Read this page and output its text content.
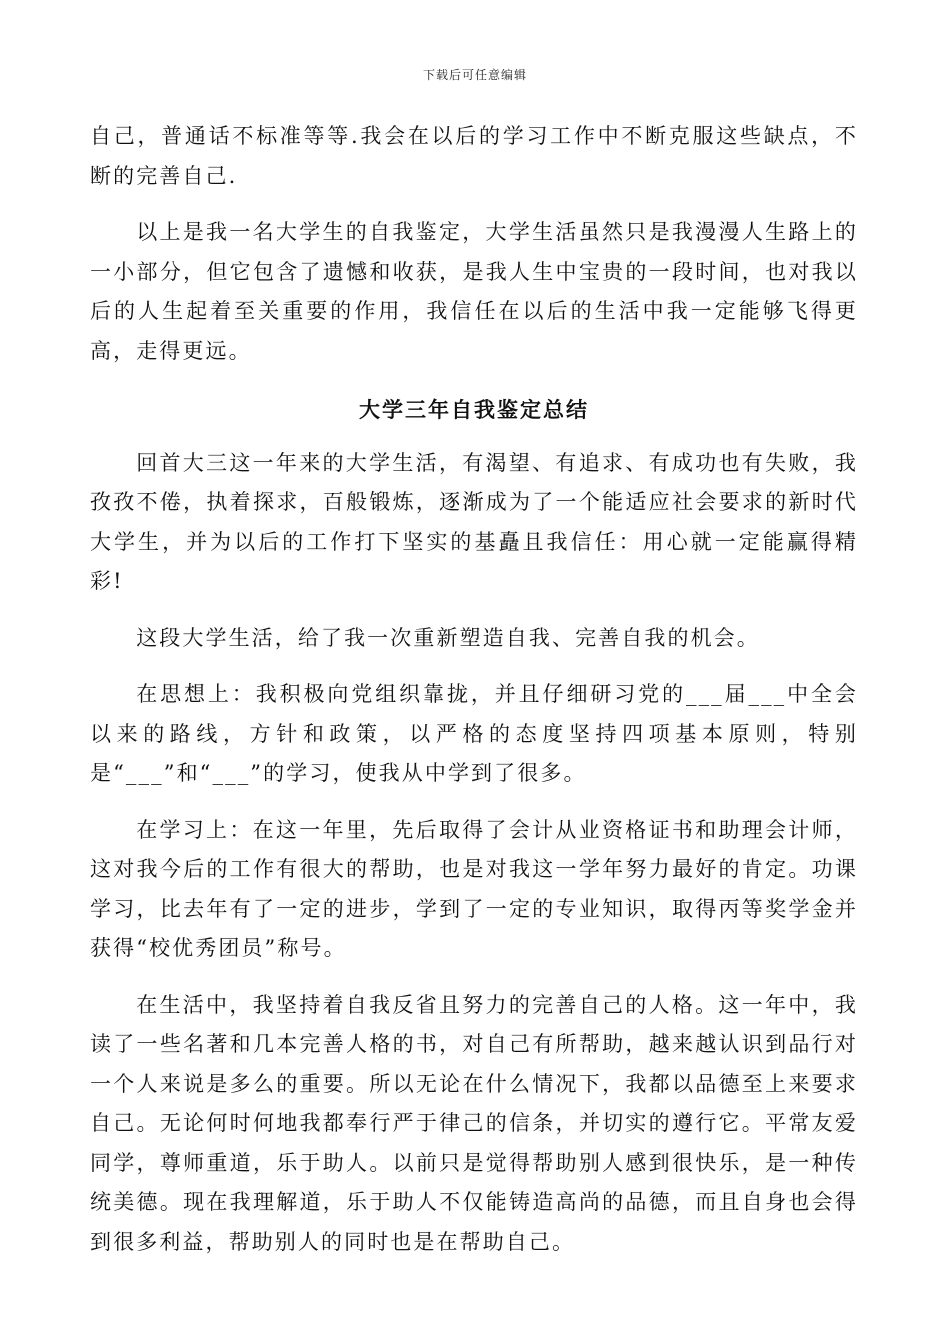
下载后可任意编辑

自己，普通话不标准等等.我会在以后的学习工作中不断克服这些缺点，不断的完善自己.

以上是我一名大学生的自我鉴定，大学生活虽然只是我漫漫人生路上的一小部分，但它包含了遗憾和收获，是我人生中宝贵的一段时间，也对我以后的人生起着至关重要的作用，我信任在以后的生活中我一定能够飞得更高，走得更远。

大学三年自我鉴定总结

回首大三这一年来的大学生活，有渴望、有追求、有成功也有失败，我孜孜不倦，执着探求，百般锻炼，逐渐成为了一个能适应社会要求的新时代大学生，并为以后的工作打下坚实的基矗且我信任：用心就一定能赢得精彩!

这段大学生活，给了我一次重新塑造自我、完善自我的机会。

在思想上：我积极向党组织靠拢，并且仔细研习党的___届___中全会以来的路线，方针和政策，以严格的态度坚持四项基本原则，特别是“___”和“___”的学习，使我从中学到了很多。

在学习上：在这一年里，先后取得了会计从业资格证书和助理会计师，这对我今后的工作有很大的帮助，也是对我这一学年努力最好的肯定。功课学习，比去年有了一定的进步，学到了一定的专业知识，取得丙等奖学金并获得“校优秀团员”称号。

在生活中，我坚持着自我反省且努力的完善自己的人格。这一年中，我读了一些名著和几本完善人格的书，对自己有所帮助，越来越认识到品行对一个人来说是多么的重要。所以无论在什么情况下，我都以品德至上来要求自己。无论何时何地我都奉行严于律己的信条，并切实的遵行它。平常友爱同学，尊师重道，乐于助人。以前只是觉得帮助别人感到很快乐，是一种传统美德。现在我理解道，乐于助人不仅能铸造高尚的品德，而且自身也会得到很多利益，帮助别人的同时也是在帮助自己。
